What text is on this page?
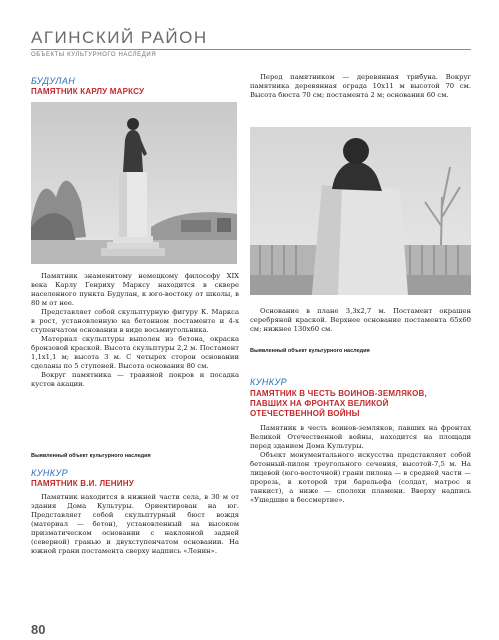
АГИНСКИЙ РАЙОН
ОБЪЕКТЫ КУЛЬТУРНОГО НАСЛЕДИЯ
БУДУЛАН
ПАМЯТНИК КАРЛУ МАРКСУ

Памятник знаменитому немецкому философу XIX века Карлу Генриху Марксу находится в сквере населенного пункта Будулан, к юго-востоку от школы, в 80 м от нее.

Представляет собой скульптурную фигуру К. Маркса в рост, установленную на бетонном постаменте и 4-х ступенчатом основании в виде восьмиугольника.

Материал скульптуры выполен из бетона, окраска бронзовой краской. Высота скульптуры 2,2 м. Постамент 1,1х1,1 м; высота 3 м. С четырех сторон основании сделаны по 5 ступеней. Высота основания 80 см.

Вокруг памятника — травяной покров и посадка кустов акации.

Выявленный объект культурного наследия
КУНКУР
ПАМЯТНИК В.И. ЛЕНИНУ

Памятник находится в нижней части села, в 30 м от здания Дома Культуры. Ориентирован на юг. Представляет собой скульптурный бюст вождя (материал — бетон), установленный на высоком призматическом основании с наклонной задней (северной) гранью и двухступенчатом основании. На южной грани постамента сверху надпись «Ленин».

Перед памятником — деревянная трибуна. Вокруг памятника деревянная ограда 10х11 м высотой 70 см. Высота бюста 70 см; постамента 2 м; основания 60 см.

Основание в плане 3,3х2,7 м. Постамент окрашен серебряной краской. Верхнее основание постамента 65х60 см; нижнее 130х60 см.

Выявленный объект культурного наследия
КУНКУР
ПАМЯТНИК В ЧЕСТЬ ВОИНОВ-ЗЕМЛЯКОВ, ПАВШИХ НА ФРОНТАХ ВЕЛИКОЙ ОТЕЧЕСТВЕННОЙ ВОЙНЫ

Памятник в честь воинов-земляков, павших на фронтах Великой Отечественной войны, находится на площади перед зданием Дома Культуры.

Объект монументального искусства представляет собой бетонный-пилон треугольного сечения, высотой-7,5 м. На лицевой (юго-восточной) грани пилона — в средней части — прорезь, в которой три барельефа (солдат, матрос и танкист), а ниже — сполохи пламени. Вверху надпись «Ушедшие в бессмертие».

80
